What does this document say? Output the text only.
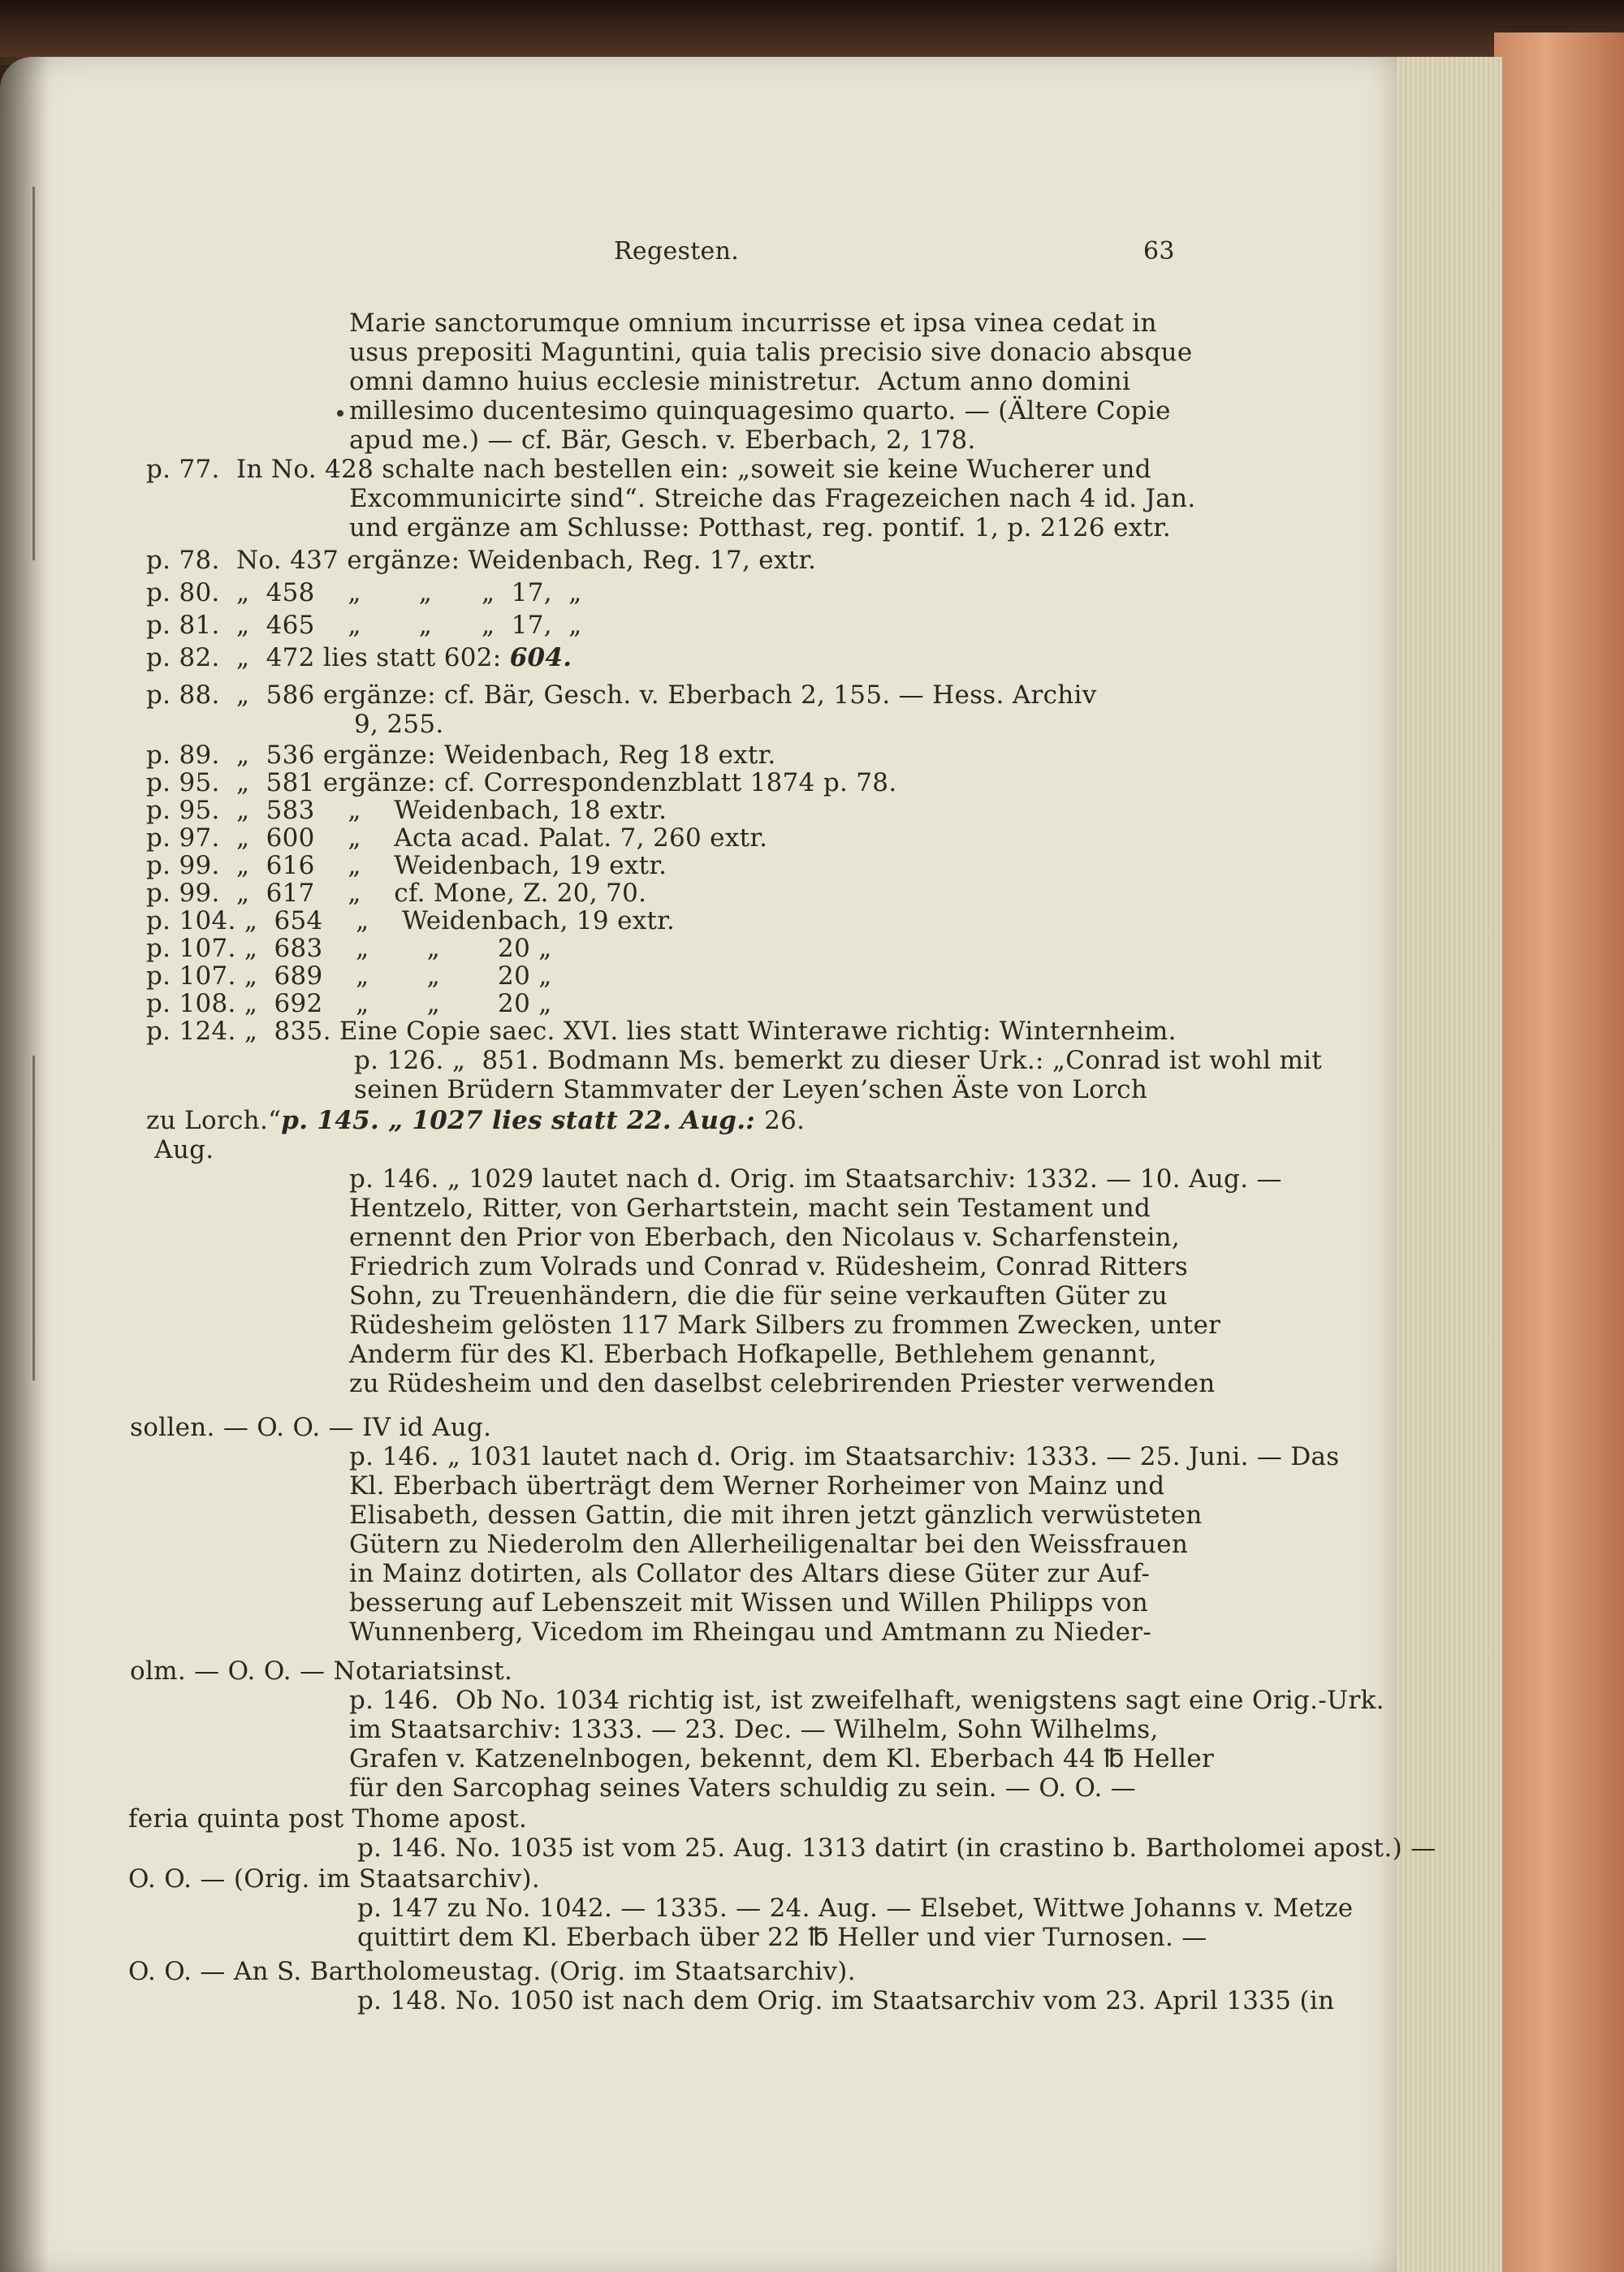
Regesten.	63
Marie sanctorumque omnium incurrisse et ipsa vinea cedat in
usus prepositi Maguntini, quia talis precisio sive donacio absque
omni damno huius ecclesie ministretur.  Actum anno domini
millesimo ducentesimo quinquagesimo quarto. — (Ältere Copie
apud me.) — cf. Bär, Gesch. v. Eberbach, 2, 178.
p. 77.  In No. 428 schalte nach bestellen ein: „soweit sie keine Wucherer und
Excommunicirte sind“. Streiche das Fragezeichen nach 4 id. Jan.
und ergänze am Schlusse: Potthast, reg. pontif. 1, p. 2126 extr.
p. 78.  No. 437 ergänze: Weidenbach, Reg. 17, extr.
p. 80.  „  458    „       „      „  17,  „
p. 81.  „  465    „       „      „  17,  „
p. 82.  „  472 lies statt 602: 604.
p. 88.  „  586 ergänze: cf. Bär, Gesch. v. Eberbach 2, 155. — Hess. Archiv
9, 255.
p. 89.  „  536 ergänze: Weidenbach, Reg 18 extr.
p. 95.  „  581 ergänze: cf. Correspondenzblatt 1874 p. 78.
p. 95.  „  583    „    Weidenbach, 18 extr.
p. 97.  „  600    „    Acta acad. Palat. 7, 260 extr.
p. 99.  „  616    „    Weidenbach, 19 extr.
p. 99.  „  617    „    cf. Mone, Z. 20, 70.
p. 104. „  654    „    Weidenbach, 19 extr.
p. 107. „  683    „       „       20 „
p. 107. „  689    „       „       20 „
p. 108. „  692    „       „       20 „
p. 124. „  835. Eine Copie saec. XVI. lies statt Winterawe richtig: Winternheim.
p. 126. „  851. Bodmann Ms. bemerkt zu dieser Urk.: „Conrad ist wohl mit
seinen Brüdern Stammvater der Leyen’schen Äste von Lorch
zu Lorch.“p. 145. „ 1027 lies statt 22. Aug.: 26.
Aug.
p. 146. „ 1029 lautet nach d. Orig. im Staatsarchiv: 1332. — 10. Aug. —
Hentzelo, Ritter, von Gerhartstein, macht sein Testament und
ernennt den Prior von Eberbach, den Nicolaus v. Scharfenstein,
Friedrich zum Volrads und Conrad v. Rüdesheim, Conrad Ritters
Sohn, zu Treuenhändern, die die für seine verkauften Güter zu
Rüdesheim gelösten 117 Mark Silbers zu frommen Zwecken, unter
Anderm für des Kl. Eberbach Hofkapelle, Bethlehem genannt,
zu Rüdesheim und den daselbst celebrirenden Priester verwenden
sollen. — O. O. — IV id Aug.
p. 146. „ 1031 lautet nach d. Orig. im Staatsarchiv: 1333. — 25. Juni. — Das
Kl. Eberbach überträgt dem Werner Rorheimer von Mainz und
Elisabeth, dessen Gattin, die mit ihren jetzt gänzlich verwüsteten
Gütern zu Niederolm den Allerheiligenaltar bei den Weissfrauen
in Mainz dotirten, als Collator des Altars diese Güter zur Auf-
besserung auf Lebenszeit mit Wissen und Willen Philipps von
Wunnenberg, Vicedom im Rheingau und Amtmann zu Nieder-
olm. — O. O. — Notariatsinst.
p. 146.  Ob No. 1034 richtig ist, ist zweifelhaft, wenigstens sagt eine Orig.-Urk.
im Staatsarchiv: 1333. — 23. Dec. — Wilhelm, Sohn Wilhelms,
Grafen v. Katzenelnbogen, bekennt, dem Kl. Eberbach 44 ℔ Heller
für den Sarcophag seines Vaters schuldig zu sein. — O. O. —
feria quinta post Thome apost.
p. 146. No. 1035 ist vom 25. Aug. 1313 datirt (in crastino b. Bartholomei apost.) —
O. O. — (Orig. im Staatsarchiv).
p. 147 zu No. 1042. — 1335. — 24. Aug. — Elsebet, Wittwe Johanns v. Metze
quittirt dem Kl. Eberbach über 22 ℔ Heller und vier Turnosen. —
O. O. — An S. Bartholomeustag. (Orig. im Staatsarchiv).
p. 148. No. 1050 ist nach dem Orig. im Staatsarchiv vom 23. April 1335 (in
